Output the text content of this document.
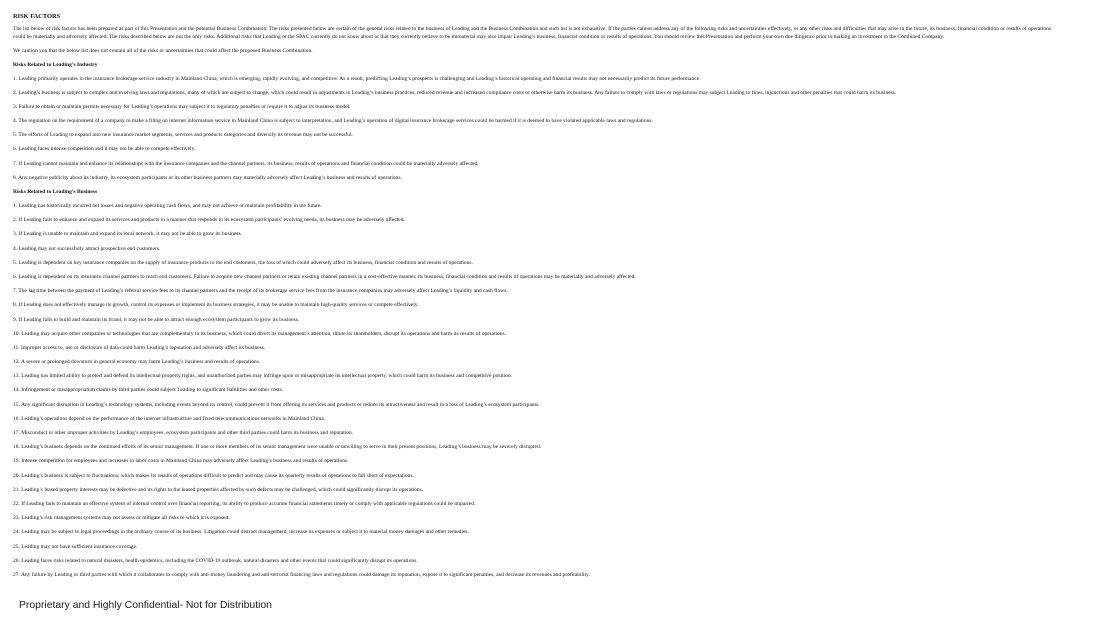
RISK FACTORS
The list below of risk factors has been prepared as part of this Presentation and the potential Business Combination. The risks presented below are certain of the general risks related to the business of Leading and the Business Combination and such list is not exhaustive. If the parties cannot address any of the following risks and uncertainties effectively, or any other risks and difficulties that may arise in the future, its business, financial condition or results of operations could be materially and adversely affected. The risks described below are not the only risks. Additional risks that Leading or the SPAC currently do not know about or that they currently believe to be immaterial may also impair Leading’s business, financial condition or results of operations. You should review this Presentation and perform your own due diligence prior to making an investment in the Combined Company.
We caution you that the below list does not contain all of the risks or uncertainties that could affect the proposed Business Combination.
Risks Related to Leading’s Industry
1. Leading primarily operates in the insurance brokerage service industry in Mainland China, which is emerging, rapidly evolving, and competitive. As a result, predicting Leading’s prospects is challenging and Leading’s historical operating and financial results may not necessarily predict its future performance.
2. Leading’s business is subject to complex and evolving laws and regulations, many of which are subject to change, which could result in adjustments in Leading’s business practices, reduced revenue and increased compliance costs or otherwise harm its business. Any failure to comply with laws or regulations may subject Leading to fines, injunctions and other penalties that could harm its business.
3. Failure to obtain or maintain permits necessary for Leading’s operations may subject it to regulatory penalties or require it to adjust its business model.
4. The regulation on the requirement of a company to make a filing on internet information service in Mainland China is subject to interpretation, and Leading’s operation of digital insurance brokerage services could be harmed if it is deemed to have violated applicable laws and regulations.
5. The efforts of Leading to expand into new insurance market segments, services and products categories and diversify its revenue may not be successful.
6. Leading faces intense competition and it may not be able to compete effectively.
7. If Leading cannot maintain and enhance its relationships with the insurance companies and the channel partners, its business, results of operations and financial condition could be materially adversely affected.
8. Any negative publicity about its industry, its ecosystem participants or its other business partners may materially adversely affect Leading’s business and results of operations.
Risks Related to Leading’s Business
1. Leading has historically incurred net losses and negative operating cash flows, and may not achieve or maintain profitability in the future.
2. If Leading fails to enhance and expand its services and products in a manner that responds to its ecosystem participants’ evolving needs, its business may be adversely affected.
3. If Leading is unable to maintain and expand its local network, it may not be able to grow its business.
4. Leading may not successfully attract prospective end customers.
5. Leading is dependent on key insurance companies on the supply of insurance products to the end customers, the loss of which could adversely affect its business, financial condition and results of operations.
6. Leading is dependent on its insurance channel partners to reach end customers. Failure to acquire new channel partners or retain existing channel partners in a cost-effective manner, its business, financial condition and results of operations may be materially and adversely affected.
7. The lag time between the payment of Leading’s referral service fees to its channel partners and the receipt of its brokerage service fees from the insurance companies may adversely affect Leading’s liquidity and cash flows.
8. If Leading does not effectively manage its growth, control its expenses or implement its business strategies, it may be unable to maintain high-quality services or compete effectively.
9. If Leading fails to build and maintain its brand, it may not be able to attract enough ecosystem participants to grow its business.
10. Leading may acquire other companies or technologies that are complementary to its business, which could divert its management’s attention, dilute its shareholders, disrupt its operations and harm its results of operations.
11. Improper access to, use or disclosure of data could harm Leading’s reputation and adversely affect its business.
12. A severe or prolonged downturn in general economy may harm Leading’s business and results of operations.
13. Leading has limited ability to protect and defend its intellectual property rights, and unauthorized parties may infringe upon or misappropriate its intellectual property, which could harm its business and competitive position.
14. Infringement or misappropriation claims by third parties could subject Leading to significant liabilities and other costs.
15. Any significant disruption in Leading’s technology systems, including events beyond its control, could prevent it from offering its services and products or reduce its attractiveness and result in a loss of Leading’s ecosystem participants.
16. Leading’s operations depend on the performance of the internet infrastructure and fixed telecommunications networks in Mainland China.
17. Misconduct or other improper activities by Leading’s employees, ecosystem participants and other third parties could harm its business and reputation.
18. Leading’s business depends on the continued efforts of its senior management. If one or more members of its senior management were unable or unwilling to serve in their present positions, Leading’s business may be severely disrupted.
19. Intense competition for employees and increases in labor costs in Mainland China may adversely affect Leading’s business and results of operations.
20. Leading’s business is subject to fluctuations, which makes its results of operations difficult to predict and may cause its quarterly results of operations to fall short of expectations.
21. Leading’s leased property interests may be defective and its rights to the leased properties affected by such defects may be challenged, which could significantly disrupt its operations.
22. If Leading fails to maintain an effective system of internal control over financial reporting, its ability to produce accurate financial statements timely or comply with applicable regulations could be impaired.
23. Leading’s risk management systems may not assess or mitigate all risks to which it is exposed.
24. Leading may be subject to legal proceedings in the ordinary course of its business. Litigation could distract management, increase its expenses or subject it to material money damages and other remedies.
25. Leading may not have sufficient insurance coverage.
26. Leading faces risks related to natural disasters, health epidemics, including the COVID-19 outbreak, natural disasters and other events that could significantly disrupt its operations.
27. Any failure by Leading or third parties with which it collaborates to comply with anti-money laundering and anti-terrorist financing laws and regulations could damage its reputation, expose it to significant penalties, and decrease its revenues and profitability.
Proprietary and Highly Confidential- Not for Distribution
